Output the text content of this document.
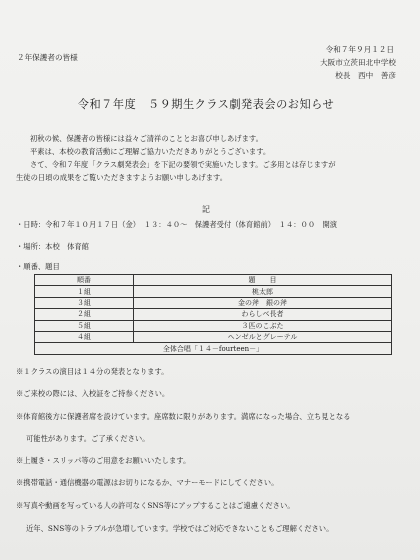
２年保護者の皆様
令和７年９月１２日
大阪市立茨田北中学校
校長　西中　善彦
令和７年度　５９期生クラス劇発表会のお知らせ
初秋の候、保護者の皆様には益々ご清祥のこととお喜び申しあげます。
平素は、本校の教育活動にご理解ご協力いただきありがとうございます。
さて、令和７年度「クラス劇発表会」を下記の要領で実施いたします。ご多用とは存じますが
生徒の日頃の成果をご覧いただきますようお願い申しあげます。
記
・日時：令和７年１０月１７日（金）　１３：４０～　保護者受付（体育館前）　１４：００　開演
・場所：本校　体育館
・順番、題目
順番	題　　目
１組	桃太郎
３組	金の斧　銀の斧
２組	わらしべ長者
５組	３匹のこぶた
４組	ヘンゼルとグレーテル
全体合唱「１４－fourteen－」	
※１クラスの演目は１４分の発表となります。
※ご来校の際には、入校証をご持参ください。
※体育館後方に保護者席を設けています。座席数に限りがあります。満席になった場合、立ち見となる
可能性があります。ご了承ください。
※上履き・スリッパ等のご用意をお願いいたします。
※携帯電話・通信機器の電源はお切りになるか、マナーモードにしてください。
※写真や動画を写っている人の許可なくSNS等にアップすることはご遠慮ください。
近年、SNS等のトラブルが急増しています。学校ではご対応できないこともご理解ください。
